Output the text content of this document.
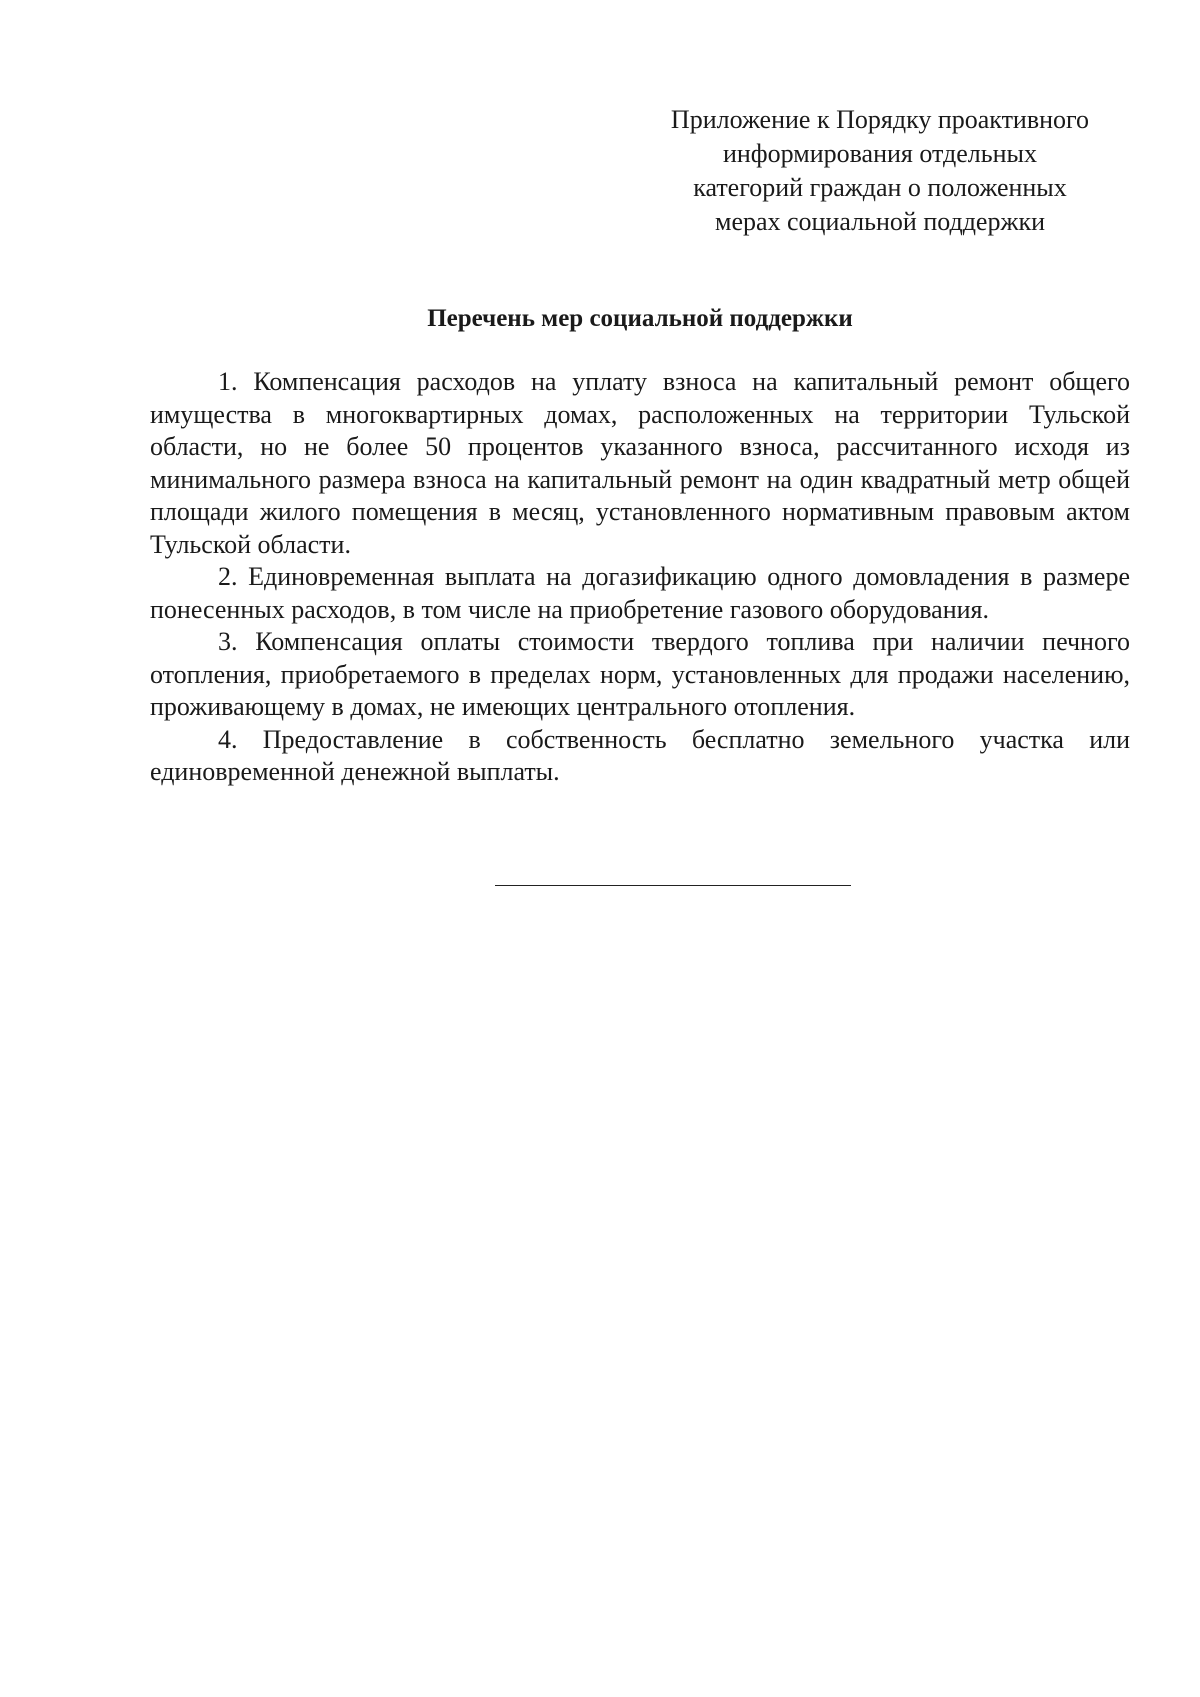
Приложение к Порядку проактивного
информирования отдельных
категорий граждан о положенных
мерах социальной поддержки
Перечень мер социальной поддержки

1. Компенсация расходов на уплату взноса на капитальный ремонт общего имущества в многоквартирных домах, расположенных на территории Тульской области, но не более 50 процентов указанного взноса, рассчитанного исходя из минимального размера взноса на капитальный ремонт на один квадратный метр общей площади жилого помещения в месяц, установленного нормативным правовым актом Тульской области.

2. Единовременная выплата на догазификацию одного домовладения в размере понесенных расходов, в том числе на приобретение газового оборудования.

3. Компенсация оплаты стоимости твердого топлива при наличии печного отопления, приобретаемого в пределах норм, установленных для продажи населению, проживающему в домах, не имеющих центрального отопления.

4. Предоставление в собственность бесплатно земельного участка или единовременной денежной выплаты.
